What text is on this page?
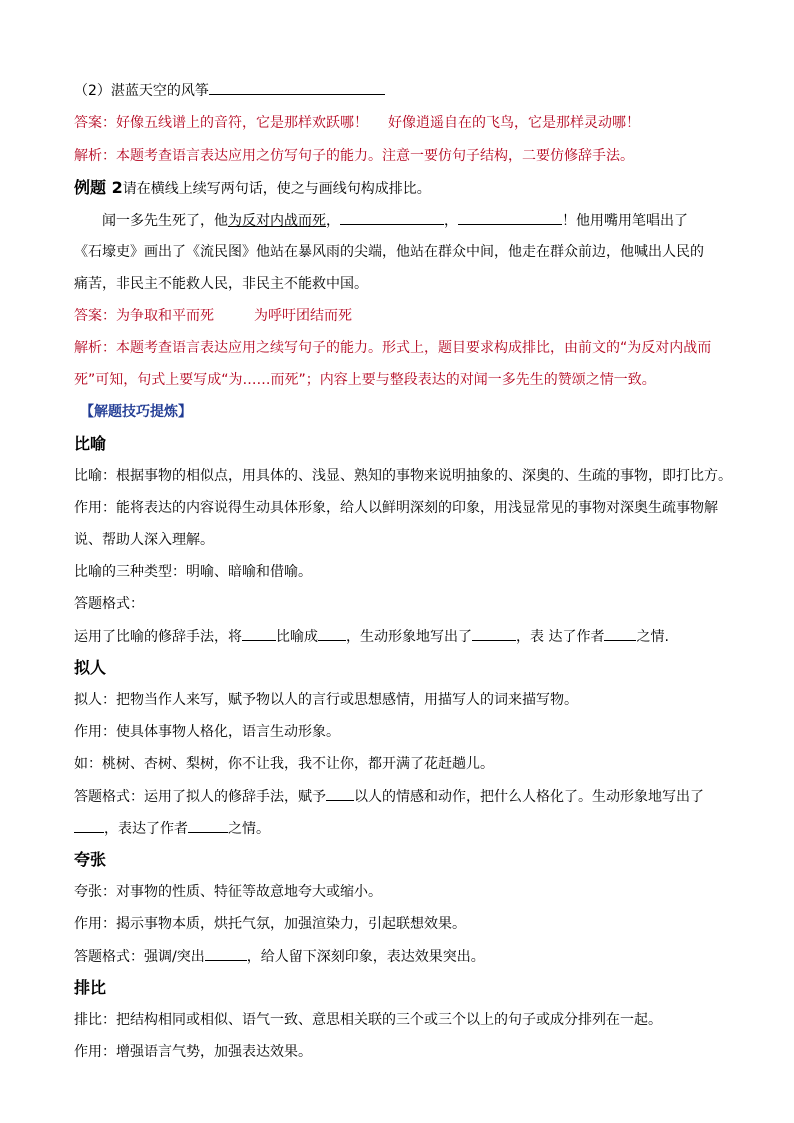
（2）湛蓝天空的风筝
答案：好像五线谱上的音符，它是那样欢跃哪！ 好像逍遥自在的飞鸟，它是那样灵动哪！
解析：本题考查语言表达应用之仿写句子的能力。注意一要仿句子结构，二要仿修辞手法。
例题 2请在横线上续写两句话，使之与画线句构成排比。
闻一多先生死了，他为反对内战而死，	，	！他用嘴用笔唱出了
《石壕吏》画出了《流民图》他站在暴风雨的尖端，他站在群众中间，他走在群众前边，他喊出人民的
痛苦，非民主不能救人民，非民主不能救中国。
答案：为争取和平而死	为呼吁团结而死
解析：本题考查语言表达应用之续写句子的能力。形式上，题目要求构成排比，由前文的“为反对内战而
死”可知，句式上要写成“为……而死”；内容上要与整段表达的对闻一多先生的赞颂之情一致。
【解题技巧提炼】
比喻
比喻：根据事物的相似点，用具体的、浅显、熟知的事物来说明抽象的、深奥的、生疏的事物，即打比方。
作用：能将表达的内容说得生动具体形象，给人以鲜明深刻的印象，用浅显常见的事物对深奥生疏事物解
说、帮助人深入理解。
比喻的三种类型：明喻、暗喻和借喻。
答题格式：
运用了比喻的修辞手法，将 比喻成 ，生动形象地写出了	，表 达了作者 之情.
拟人
拟人：把物当作人来写，赋予物以人的言行或思想感情，用描写人的词来描写物。
作用：使具体事物人格化，语言生动形象。
如：桃树、杏树、梨树，你不让我，我不让你，都开满了花赶趟儿。
答题格式：运用了拟人的修辞手法，赋予 以人的情感和动作，把什么人格化了。生动形象地写出了
，表达了作者	之情。
夸张
夸张：对事物的性质、特征等故意地夸大或缩小。
作用：揭示事物本质，烘托气氛，加强渲染力，引起联想效果。
答题格式：强调/突出	，给人留下深刻印象，表达效果突出。
排比
排比：把结构相同或相似、语气一致、意思相关联的三个或三个以上的句子或成分排列在一起。
作用：增强语言气势，加强表达效果。
